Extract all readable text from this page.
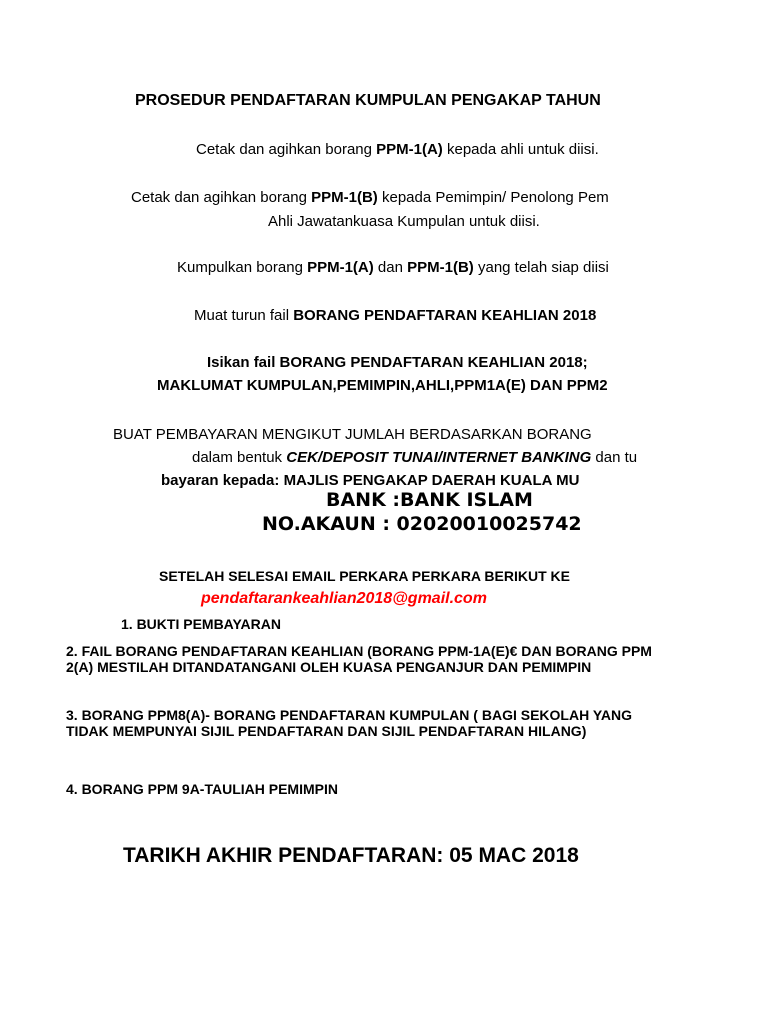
PROSEDUR PENDAFTARAN KUMPULAN PENGAKAP TAHUN
Cetak dan agihkan borang PPM-1(A) kepada ahli untuk diisi.
Cetak dan agihkan borang PPM-1(B) kepada Pemimpin/ Penolong Pem
Ahli Jawatankuasa Kumpulan untuk diisi.
Kumpulkan borang PPM-1(A) dan PPM-1(B) yang telah siap diisi
Muat turun fail BORANG PENDAFTARAN KEAHLIAN 2018
Isikan fail BORANG PENDAFTARAN KEAHLIAN 2018;
MAKLUMAT KUMPULAN,PEMIMPIN,AHLI,PPM1A(E) DAN PPM2
BUAT PEMBAYARAN MENGIKUT JUMLAH BERDASARKAN BORANG
dalam bentuk CEK/DEPOSIT TUNAI/INTERNET BANKING dan tu
bayaran kepada: MAJLIS PENGAKAP DAERAH KUALA MU
BANK :BANK ISLAM
NO.AKAUN : 02020010025742
SETELAH SELESAI EMAIL PERKARA PERKARA BERIKUT KE
pendaftarankeahlian2018@gmail.com
1. BUKTI PEMBAYARAN
2. FAIL BORANG PENDAFTARAN KEAHLIAN (BORANG PPM-1A(E)€ DAN BORANG PPM 2(A) MESTILAH DITANDATANGANI OLEH KUASA PENGANJUR DAN PEMIMPIN
3. BORANG PPM8(A)- BORANG PENDAFTARAN KUMPULAN ( BAGI SEKOLAH YANG TIDAK MEMPUNYAI SIJIL PENDAFTARAN DAN SIJIL PENDAFTARAN HILANG)
4. BORANG PPM 9A-TAULIAH PEMIMPIN
TARIKH AKHIR PENDAFTARAN: 05 MAC 2018
